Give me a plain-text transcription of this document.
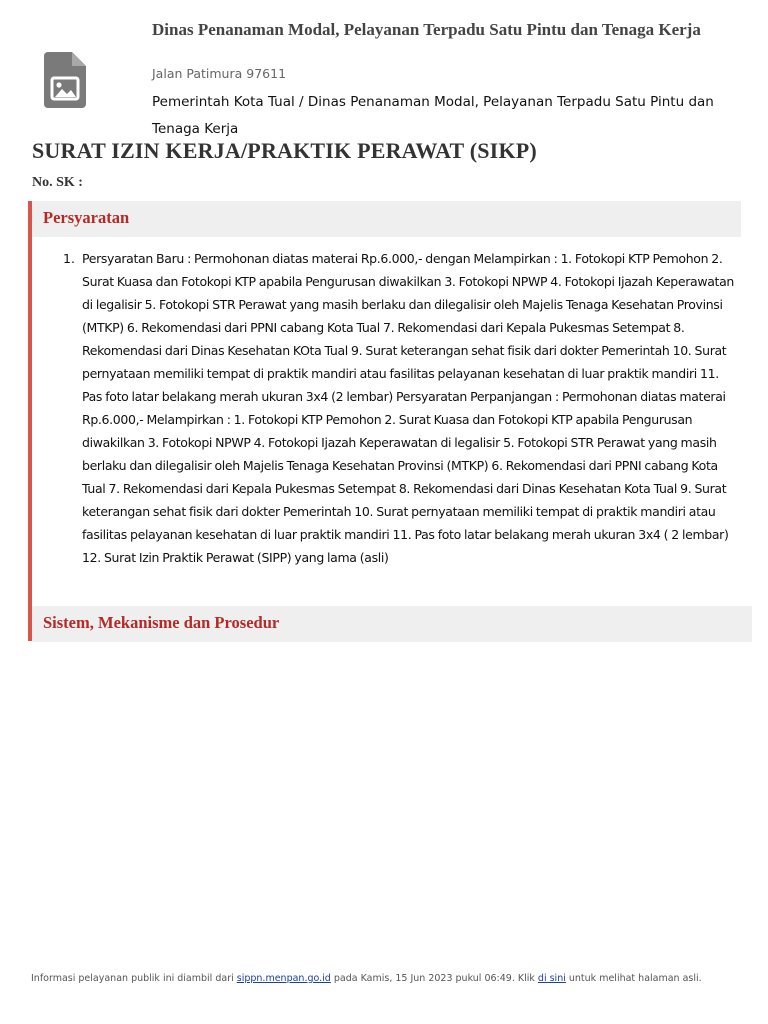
Dinas Penanaman Modal, Pelayanan Terpadu Satu Pintu dan Tenaga Kerja
Jalan Patimura 97611
Pemerintah Kota Tual / Dinas Penanaman Modal, Pelayanan Terpadu Satu Pintu dan Tenaga Kerja
SURAT IZIN KERJA/PRAKTIK PERAWAT (SIKP)
No. SK :
Persyaratan
1. Persyaratan Baru : Permohonan diatas materai Rp.6.000,- dengan Melampirkan : 1. Fotokopi KTP Pemohon 2. Surat Kuasa dan Fotokopi KTP apabila Pengurusan diwakilkan 3. Fotokopi NPWP 4. Fotokopi Ijazah Keperawatan di legalisir 5. Fotokopi STR Perawat yang masih berlaku dan dilegalisir oleh Majelis Tenaga Kesehatan Provinsi (MTKP) 6. Rekomendasi dari PPNI cabang Kota Tual 7. Rekomendasi dari Kepala Pukesmas Setempat 8. Rekomendasi dari Dinas Kesehatan KOta Tual 9. Surat keterangan sehat fisik dari dokter Pemerintah 10. Surat pernyataan memiliki tempat di praktik mandiri atau fasilitas pelayanan kesehatan di luar praktik mandiri 11. Pas foto latar belakang merah ukuran 3x4 (2 lembar) Persyaratan Perpanjangan : Permohonan diatas materai Rp.6.000,- Melampirkan : 1. Fotokopi KTP Pemohon 2. Surat Kuasa dan Fotokopi KTP apabila Pengurusan diwakilkan 3. Fotokopi NPWP 4. Fotokopi Ijazah Keperawatan di legalisir 5. Fotokopi STR Perawat yang masih berlaku dan dilegalisir oleh Majelis Tenaga Kesehatan Provinsi (MTKP) 6. Rekomendasi dari PPNI cabang Kota Tual 7. Rekomendasi dari Kepala Pukesmas Setempat 8. Rekomendasi dari Dinas Kesehatan Kota Tual 9. Surat keterangan sehat fisik dari dokter Pemerintah 10. Surat pernyataan memiliki tempat di praktik mandiri atau fasilitas pelayanan kesehatan di luar praktik mandiri 11. Pas foto latar belakang merah ukuran 3x4 ( 2 lembar) 12. Surat Izin Praktik Perawat (SIPP) yang lama (asli)
Sistem, Mekanisme dan Prosedur
Informasi pelayanan publik ini diambil dari sippn.menpan.go.id pada Kamis, 15 Jun 2023 pukul 06:49. Klik di sini untuk melihat halaman asli.
